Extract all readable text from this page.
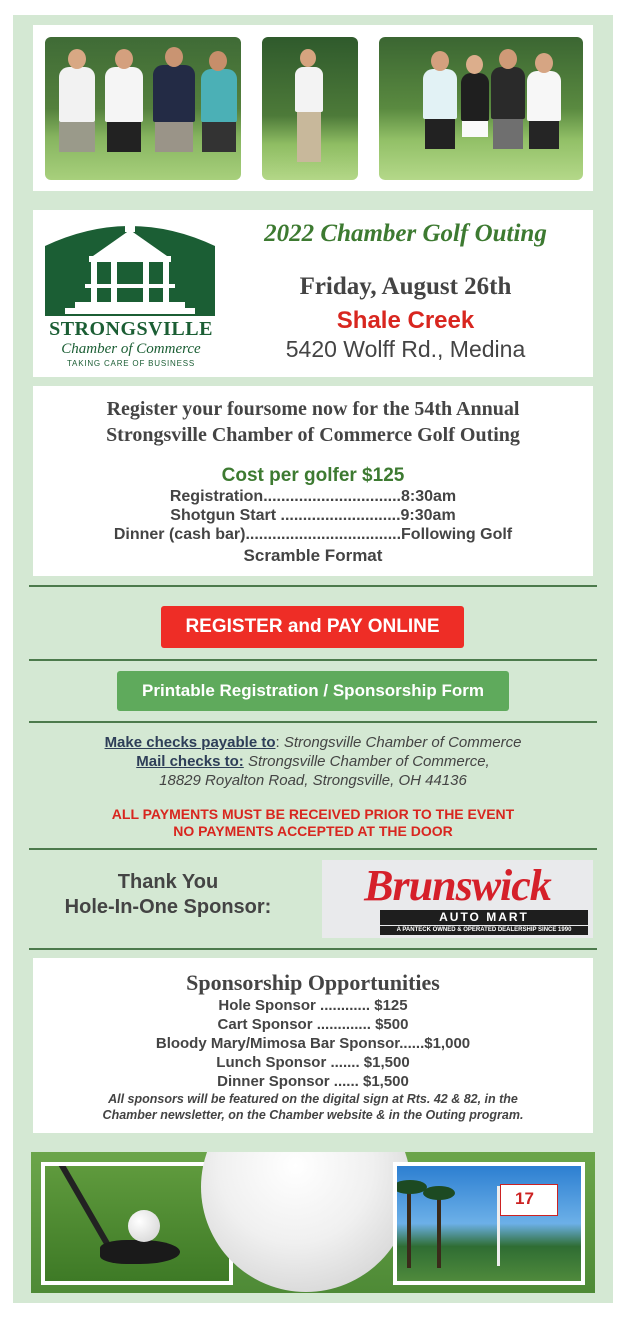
STRONGSVILLE
Chamber of Commerce
TAKING CARE OF BUSINESS
2022 Chamber Golf Outing
Friday, August 26th
Shale Creek
5420 Wolff Rd., Medina
Register your foursome now for the 54th Annual
Strongsville Chamber of Commerce Golf Outing
Cost per golfer $125
Registration...............................8:30am
Shotgun Start ...........................9:30am
Dinner (cash bar)...................................Following Golf
Scramble Format
REGISTER and PAY ONLINE
Printable Registration / Sponsorship Form
Make checks payable to: Strongsville Chamber of Commerce
Mail checks to: Strongsville Chamber of Commerce,
18829 Royalton Road, Strongsville, OH 44136
ALL PAYMENTS MUST BE RECEIVED PRIOR TO THE EVENT
NO PAYMENTS ACCEPTED AT THE DOOR
Thank You
Hole-In-One Sponsor:	Brunswick
AUTO MART
A PANTECK OWNED & OPERATED DEALERSHIP SINCE 1990
Sponsorship Opportunities
Hole Sponsor ............ $125
Cart Sponsor ............. $500
Bloody Mary/Mimosa Bar Sponsor......$1,000
Lunch Sponsor ....... $1,500
Dinner Sponsor ...... $1,500
All sponsors will be featured on the digital sign at Rts. 42 & 82, in the
Chamber newsletter, on the Chamber website & in the Outing program.
17
